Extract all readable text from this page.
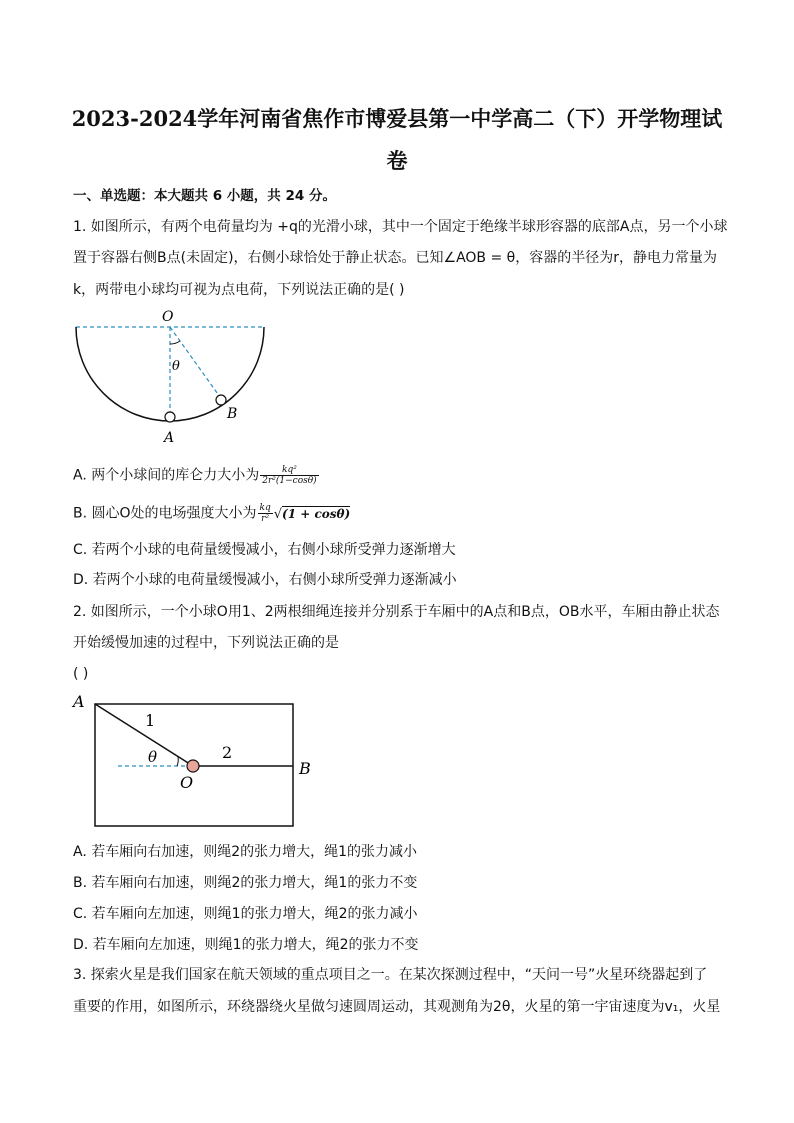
2023-2024学年河南省焦作市博爱县第一中学高二（下）开学物理试
卷
一、单选题：本大题共 6 小题，共 24 分。
1. 如图所示，有两个电荷量均为 +q的光滑小球，其中一个固定于绝缘半球形容器的底部A点，另一个小球
置于容器右侧B点(未固定)，右侧小球恰处于静止状态。已知∠AOB = θ，容器的半径为r，静电力常量为
k，两带电小球均可视为点电荷，下列说法正确的是( )
O
θ
A
B
A. 两个小球间的库仑力大小为 $\frac{\text{kq²}}{\text{2r²(1−cosθ)}}$
B. 圆心O处的电场强度大小为 $\frac{kq}{\text{r²}} √(1 + \cos\theta)$
C. 若两个小球的电荷量缓慢减小，右侧小球所受弹力逐渐增大
D. 若两个小球的电荷量缓慢减小，右侧小球所受弹力逐渐减小
2. 如图所示，一个小球O用1、2两根细绳连接并分别系于车厢中的A点和B点，OB水平，车厢由静止状态
开始缓慢加速的过程中，下列说法正确的是
( )
A
1
θ	2
O
B
A. 若车厢向右加速，则绳2的张力增大，绳1的张力减小
B. 若车厢向右加速，则绳2的张力增大，绳1的张力不变
C. 若车厢向左加速，则绳1的张力增大，绳2的张力减小
D. 若车厢向左加速，则绳1的张力增大，绳2的张力不变
3. 探索火星是我们国家在航天领域的重点项目之一。在某次探测过程中，“天问一号”火星环绕器起到了
重要的作用，如图所示，环绕器绕火星做匀速圆周运动，其观测角为2θ，火星的第一宇宙速度为v₁，火星
